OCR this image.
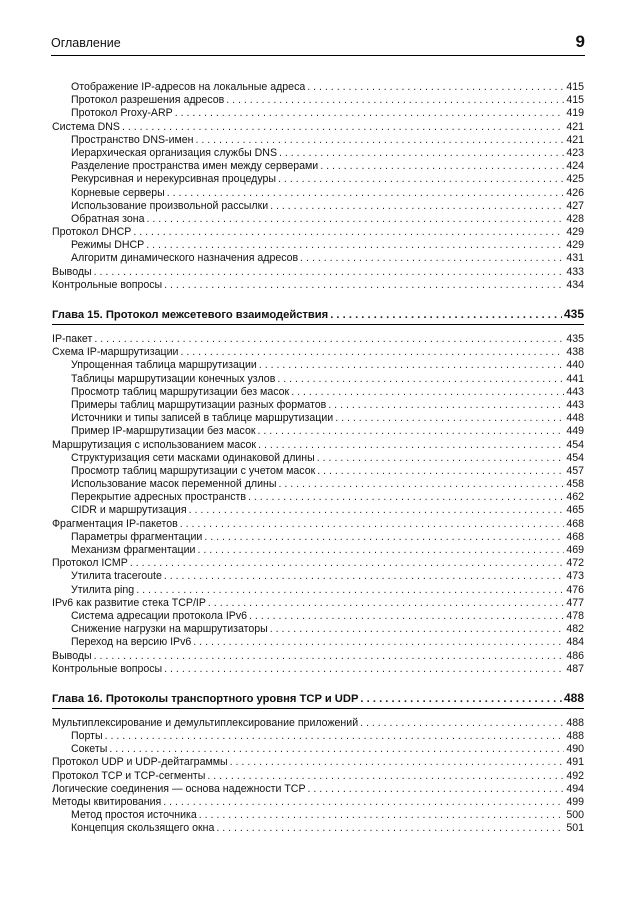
Оглавление	9
Отображение IP-адресов на локальные адреса . . .	415
Протокол разрешения адресов . . .	415
Протокол Proxy-ARP . . .	419
Система DNS . . .	421
Пространство DNS-имен . . .	421
Иерархическая организация службы DNS . . .	423
Разделение пространства имен между серверами . . .	424
Рекурсивная и нерекурсивная процедуры . . .	425
Корневые серверы . . .	426
Использование произвольной рассылки . . .	427
Обратная зона . . .	428
Протокол DHCP . . .	429
Режимы DHCP . . .	429
Алгоритм динамического назначения адресов . . .	431
Выводы . . .	433
Контрольные вопросы . . .	434
Глава 15. Протокол межсетевого взаимодействия . . .	435
IP-пакет . . .	435
Схема IP-маршрутизации . . .	438
Упрощенная таблица маршрутизации . . .	440
Таблицы маршрутизации конечных узлов . . .	441
Просмотр таблиц маршрутизации без масок . . .	443
Примеры таблиц маршрутизации разных форматов . . .	443
Источники и типы записей в таблице маршрутизации . . .	448
Пример IP-маршрутизации без масок . . .	449
Маршрутизация с использованием масок . . .	454
Структуризация сети масками одинаковой длины . . .	454
Просмотр таблиц маршрутизации с учетом масок . . .	457
Использование масок переменной длины . . .	458
Перекрытие адресных пространств . . .	462
CIDR и маршрутизация . . .	465
Фрагментация IP-пакетов . . .	468
Параметры фрагментации . . .	468
Механизм фрагментации . . .	469
Протокол ICMP . . .	472
Утилита traceroute . . .	473
Утилита ping . . .	476
IPv6 как развитие стека TCP/IP . . .	477
Система адресации протокола IPv6 . . .	478
Снижение нагрузки на маршрутизаторы . . .	482
Переход на версию IPv6 . . .	484
Выводы . . .	486
Контрольные вопросы . . .	487
Глава 16. Протоколы транспортного уровня TCP и UDP . . .	488
Мультиплексирование и демультиплексирование приложений . . .	488
Порты . . .	488
Сокеты . . .	490
Протокол UDP и UDP-дейтаграммы . . .	491
Протокол TCP и TCP-сегменты . . .	492
Логические соединения — основа надежности TCP . . .	494
Методы квитирования . . .	499
Метод простоя источника . . .	500
Концепция скользящего окна . . .	501
